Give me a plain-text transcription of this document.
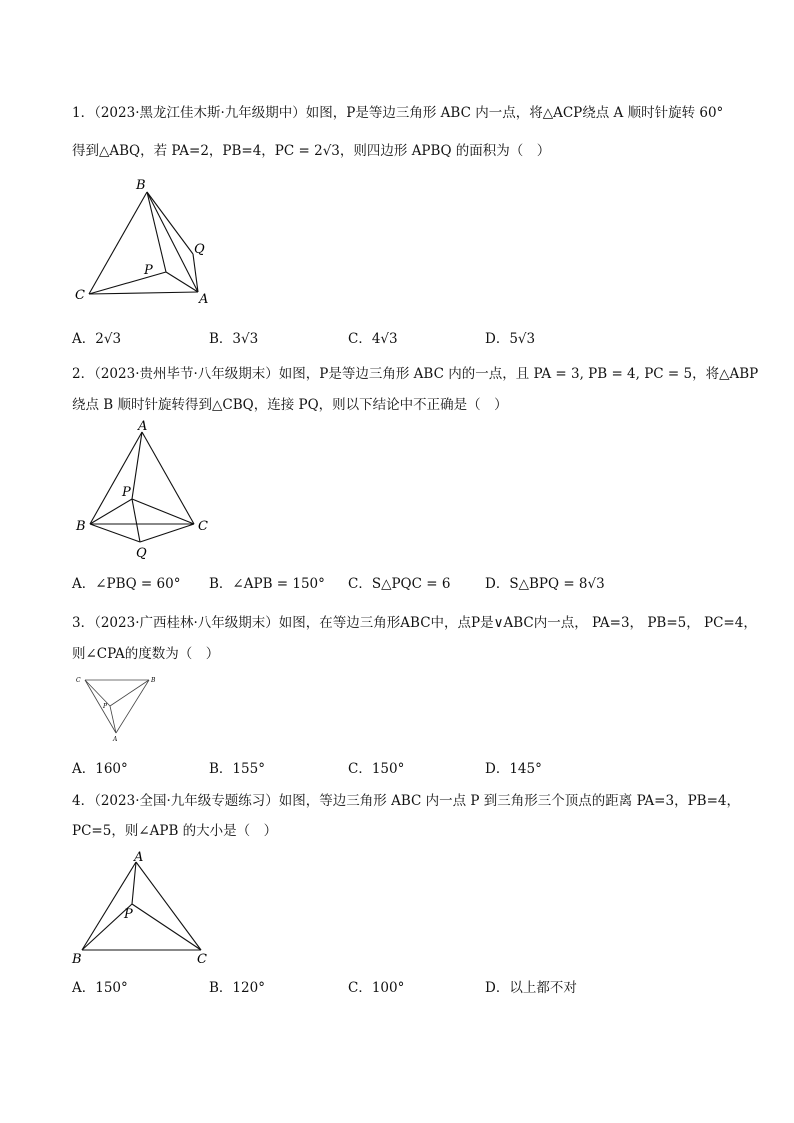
1．（2023·黑龙江佳木斯·九年级期中）如图，P是等边三角形 ABC 内一点，将△ACP绕点 A 顺时针旋转 60°
得到△ABQ，若 PA=2，PB=4，PC = 2√3，则四边形 APBQ 的面积为（　）
B
C	A
P
Q
A．2√3	B．3√3	C．4√3	D．5√3
2．（2023·贵州毕节·八年级期末）如图，P是等边三角形 ABC 内的一点，且 PA = 3, PB = 4, PC = 5，将△ABP
绕点 B 顺时针旋转得到△CBQ，连接 PQ，则以下结论中不正确是（　）
A
B	C
P
Q
A．∠PBQ = 60° B．∠APB = 150° C．S△PQC = 6	D．S△BPQ = 8√3
3．（2023·广西桂林·八年级期末）如图，在等边三角形ABC中，点P是∨ABC内一点， PA=3， PB=5， PC=4，
则∠CPA的度数为（　）
C	B
P
A
A．160°	B．155°	C．150°	D．145°
4．（2023·全国·九年级专题练习）如图，等边三角形 ABC 内一点 P 到三角形三个顶点的距离 PA=3，PB=4，
PC=5，则∠APB 的大小是（　）
A
B	C
P
A．150°	B．120°	C．100°	D．以上都不对
